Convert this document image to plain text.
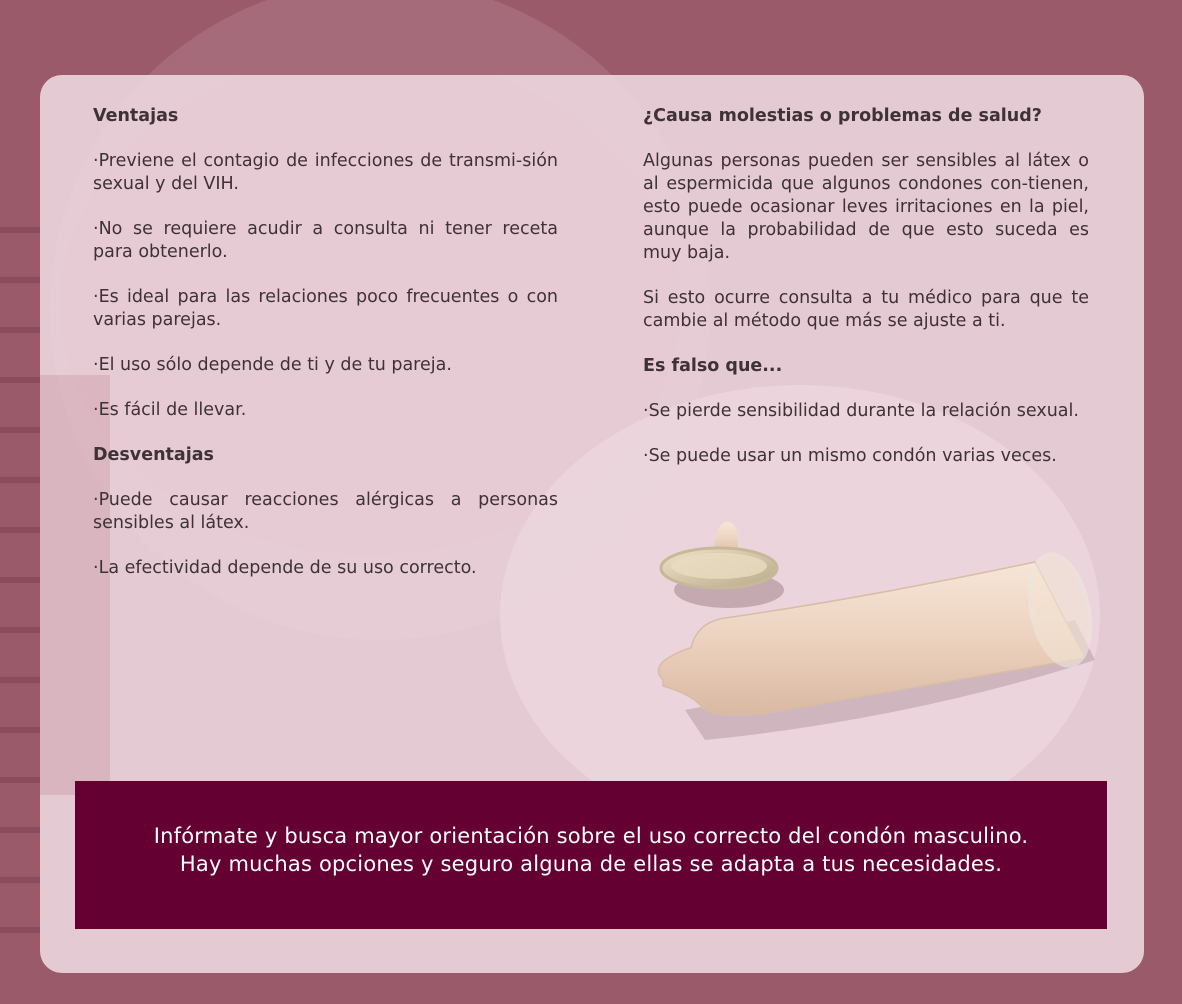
Ventajas
·Previene el contagio de infecciones de transmi-sión sexual y del VIH.
·No se requiere acudir a consulta ni tener receta para obtenerlo.
·Es ideal para las relaciones poco frecuentes o con varias parejas.
·El uso sólo depende de ti y de tu pareja.
·Es fácil de llevar.
Desventajas
·Puede causar reacciones alérgicas a personas sensibles al látex.
·La efectividad depende de su uso correcto.
¿Causa molestias o problemas de salud?
Algunas personas pueden ser sensibles al látex o al espermicida que algunos condones con-tienen, esto puede ocasionar leves irritaciones en la piel, aunque la probabilidad de que esto suceda es muy baja.
Si esto ocurre consulta a tu médico para que te cambie al método que más se ajuste a ti.
Es falso que...
·Se pierde sensibilidad durante la relación sexual.
·Se puede usar un mismo condón varias veces.
Infórmate y busca mayor orientación sobre el uso correcto del condón masculino.
Hay muchas opciones y seguro alguna de ellas se adapta a tus necesidades.
